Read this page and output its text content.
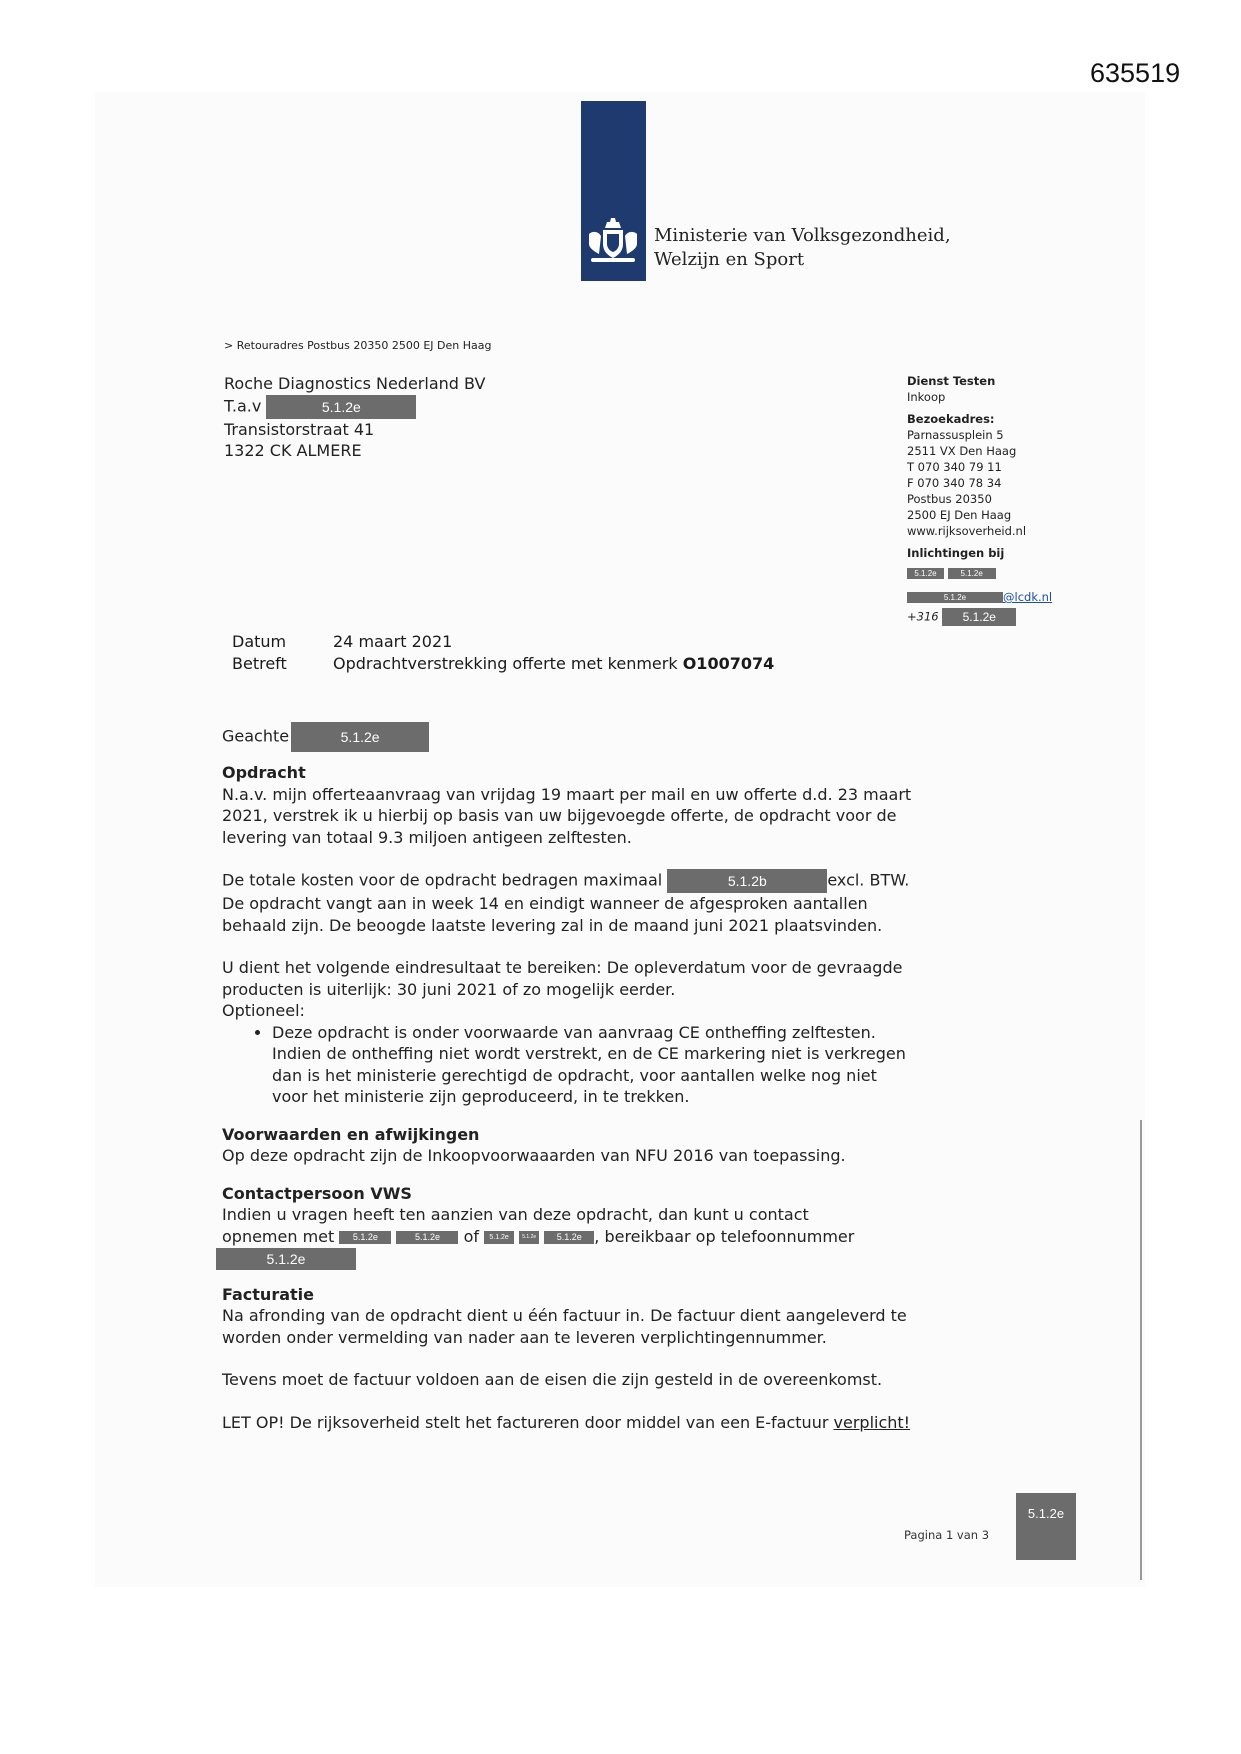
635519
Ministerie van Volksgezondheid,
Welzijn en Sport
> Retouradres Postbus 20350 2500 EJ Den Haag
Roche Diagnostics Nederland BV
T.a.v	5.1.2e
Transistorstraat 41
1322 CK ALMERE
Dienst Testen
Inkoop
Bezoekadres:
Parnassusplein 5
2511 VX Den Haag
T 070 340 79 11
F 070 340 78 34
Postbus 20350
2500 EJ Den Haag
www.rijksoverheid.nl
Inlichtingen bij
5.1.2e	5.1.2e
5.1.2e	@lcdk.nl
+316 5.1.2e
Datum	24 maart 2021
Betreft	Opdrachtverstrekking offerte met kenmerk O1007074
Geachte	5.1.2e
Opdracht

N.a.v. mijn offerteaanvraag van vrijdag 19 maart per mail en uw offerte d.d. 23 maart 2021, verstrek ik u hierbij op basis van uw bijgevoegde offerte, de opdracht voor de levering van totaal 9.3 miljoen antigeen zelftesten.

De totale kosten voor de opdracht bedragen maximaal	5.1.2b	excl. BTW.

De opdracht vangt aan in week 14 en eindigt wanneer de afgesproken aantallen behaald zijn. De beoogde laatste levering zal in de maand juni 2021 plaatsvinden.

U dient het volgende eindresultaat te bereiken: De opleverdatum voor de gevraagde producten is uiterlijk: 30 juni 2021 of zo mogelijk eerder.

Optioneel:

• Deze opdracht is onder voorwaarde van aanvraag CE ontheffing zelftesten. Indien de ontheffing niet wordt verstrekt, en de CE markering niet is verkregen dan is het ministerie gerechtigd de opdracht, voor aantallen welke nog niet voor het ministerie zijn geproduceerd, in te trekken.
Voorwaarden en afwijkingen

Op deze opdracht zijn de Inkoopvoorwaaarden van NFU 2016 van toepassing.

Contactpersoon VWS

Indien u vragen heeft ten aanzien van deze opdracht, dan kunt u contact

opnemen met 5.1.2e	5.1.2e of 5.1.2e	5.1.2e 5.1.2e , bereikbaar op telefoonnummer

5.1.2e
Facturatie

Na afronding van de opdracht dient u één factuur in. De factuur dient aangeleverd te worden onder vermelding van nader aan te leveren verplichtingennummer.

Tevens moet de factuur voldoen aan de eisen die zijn gesteld in de overeenkomst.

LET OP! De rijksoverheid stelt het factureren door middel van een E-factuur verplicht!

Pagina 1 van 3
5.1.2e
